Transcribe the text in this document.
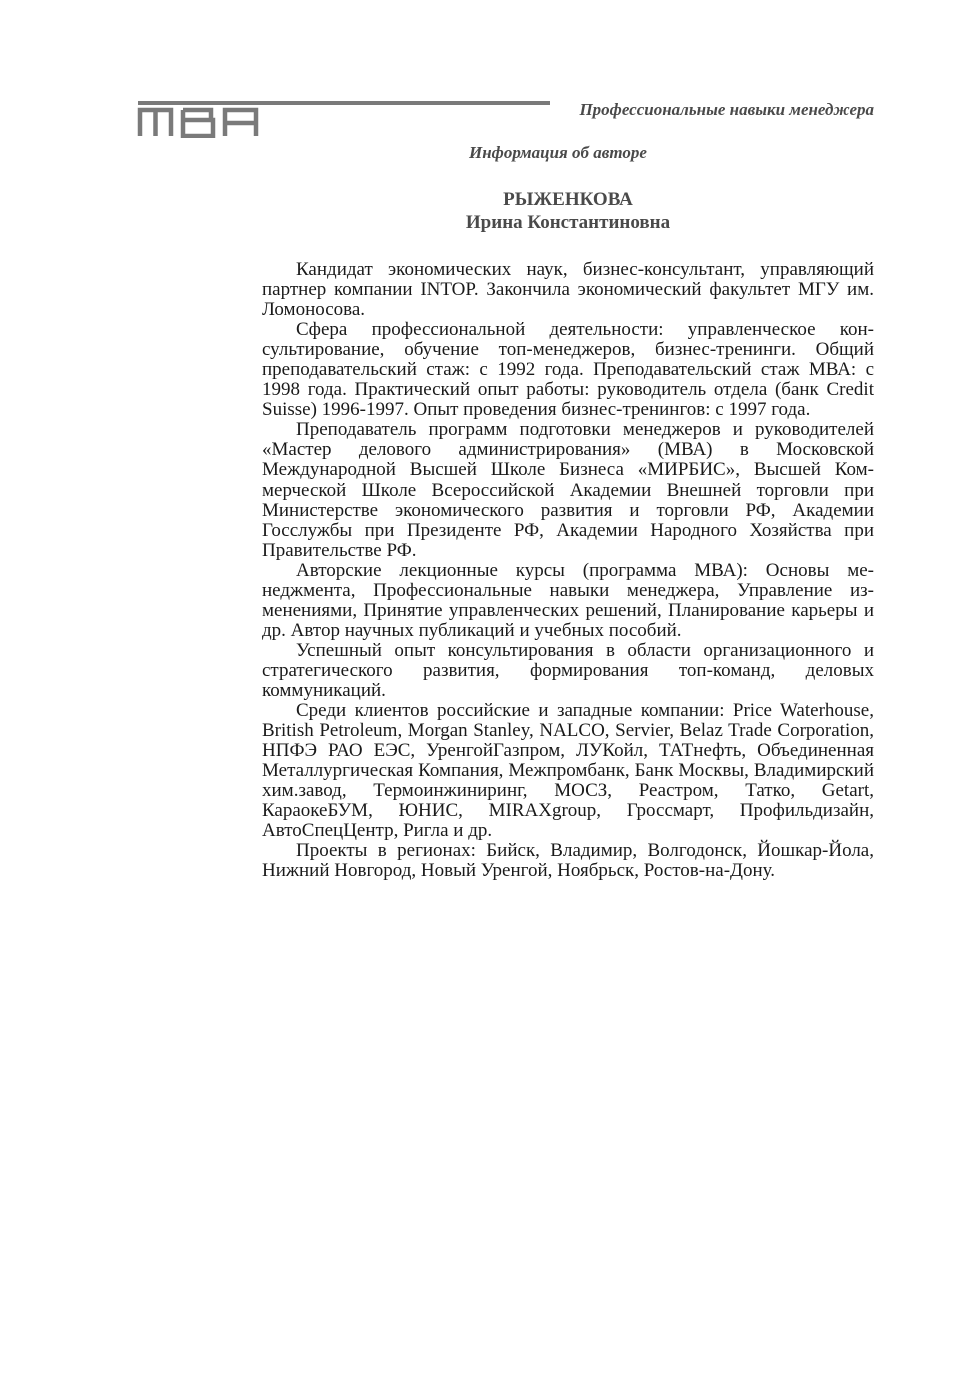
Профессиональные навыки менеджера
Информация об авторе
РЫЖЕНКОВА
Ирина Константиновна

Кандидат экономических наук, бизнес-консультант, управляющий партнер компании INTOP. Закончила экономический факультет МГУ им. Ломоносова.

Сфера профессиональной деятельности: управленческое консультирование, обучение топ-менеджеров, бизнес-тренинги. Общий преподавательский стаж: с 1992 года. Преподавательский стаж МВА: с 1998 года. Практический опыт работы: руководитель отдела (банк Credit Suisse) 1996-1997. Опыт проведения бизнес-тренингов: с 1997 года.

Преподаватель программ подготовки менеджеров и руководителей «Мастер делового администрирования» (МВА) в Московской Международной Высшей Школе Бизнеса «МИРБИС», Высшей Коммерческой Школе Всероссийской Академии Внешней торговли при Министерстве экономического развития и торговли РФ, Академии Госслужбы при Президенте РФ, Академии Народного Хозяйства при Правительстве РФ.

Авторские лекционные курсы (программа МВА): Основы менеджмента, Профессиональные навыки менеджера, Управление изменениями, Принятие управленческих решений, Планирование карьеры и др. Автор научных публикаций и учебных пособий.

Успешный опыт консультирования в области организационного и стратегического развития, формирования топ-команд, деловых коммуникаций.

Среди клиентов российские и западные компании: Price Waterhouse, British Petroleum, Morgan Stanley, NALCO, Servier, Belaz Trade Corporation, НПФЭ РАО ЕЭС, УренгойГазпром, ЛУКойл, ТАТнефть, Объединенная Металлургическая Компания, Межпромбанк, Банк Москвы, Владимирский хим.завод, Термоинжиниринг, МОСЗ, Реастром, Татко, Getart, КараокеБУМ, ЮНИС, MIRAXgroup, Гроссмарт, Профильдизайн, АвтоСпецЦентр, Ригла и др.

Проекты в регионах: Бийск, Владимир, Волгодонск, Йошкар-Йола, Нижний Новгород, Новый Уренгой, Ноябрьск, Ростов-на-Дону.
